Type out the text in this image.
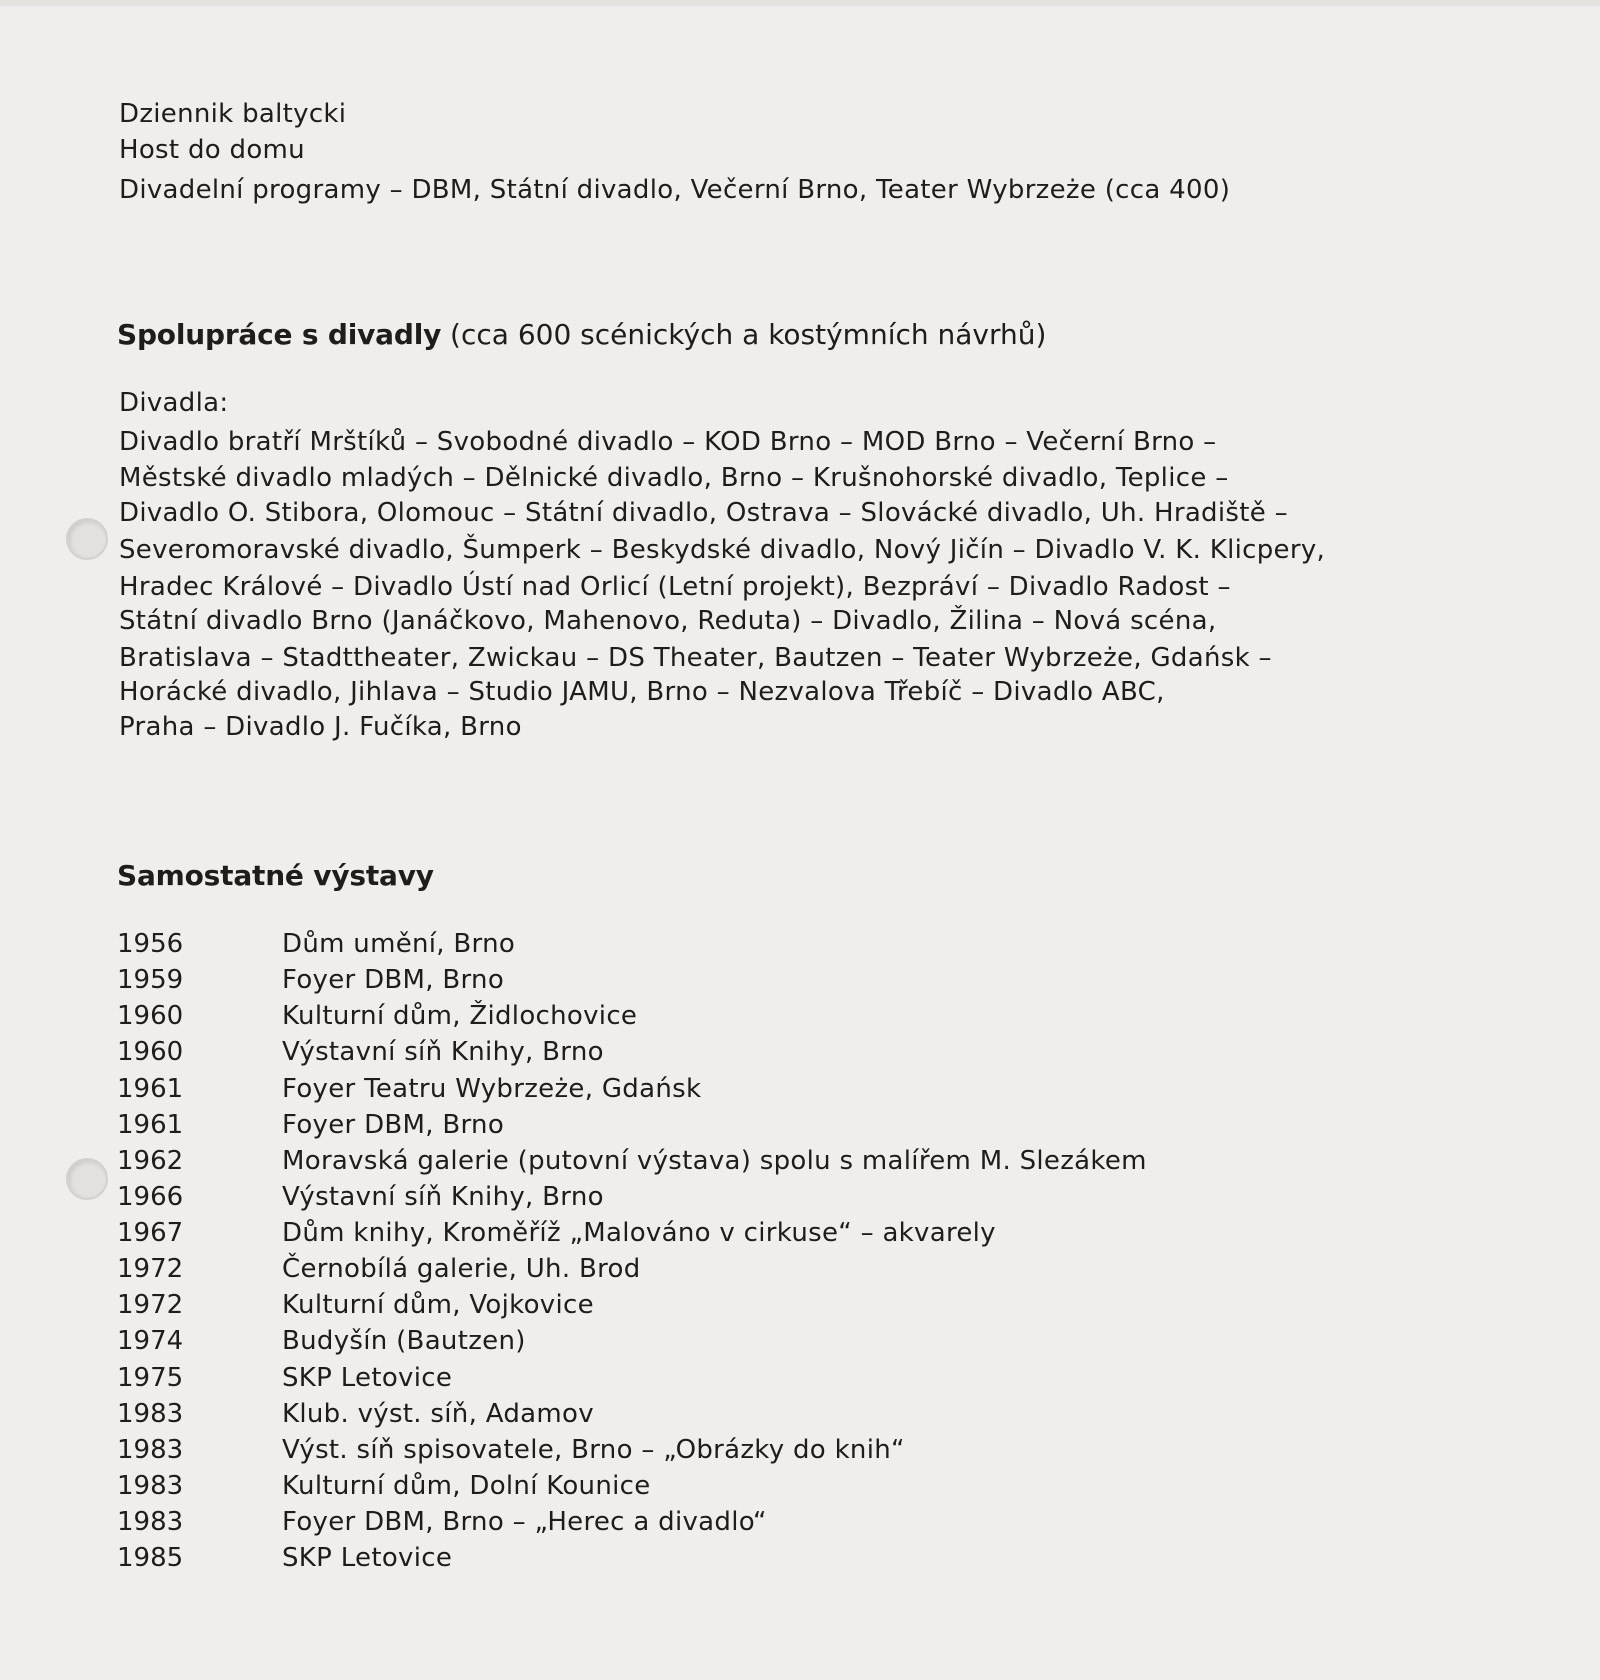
Dziennik baltycki
Host do domu
Divadelní programy – DBM, Státní divadlo, Večerní Brno, Teater Wybrzeże (cca 400)
Spolupráce s divadly (cca 600 scénických a kostýmních návrhů)
Divadla:
Divadlo bratří Mrštíků – Svobodné divadlo – KOD Brno – MOD Brno – Večerní Brno –
Městské divadlo mladých – Dělnické divadlo, Brno – Krušnohorské divadlo, Teplice –
Divadlo O. Stibora, Olomouc – Státní divadlo, Ostrava – Slovácké divadlo, Uh. Hradiště –
Severomoravské divadlo, Šumperk – Beskydské divadlo, Nový Jičín – Divadlo V. K. Klicpery,
Hradec Králové – Divadlo Ústí nad Orlicí (Letní projekt), Bezpráví – Divadlo Radost –
Státní divadlo Brno (Janáčkovo, Mahenovo, Reduta) – Divadlo, Žilina – Nová scéna,
Bratislava – Stadttheater, Zwickau – DS Theater, Bautzen – Teater Wybrzeże, Gdańsk –
Horácké divadlo, Jihlava – Studio JAMU, Brno – Nezvalova Třebíč – Divadlo ABC,
Praha – Divadlo J. Fučíka, Brno
Samostatné výstavy
1956	Dům umění, Brno
1959	Foyer DBM, Brno
1960	Kulturní dům, Židlochovice
1960	Výstavní síň Knihy, Brno
1961	Foyer Teatru Wybrzeże, Gdańsk
1961	Foyer DBM, Brno
1962	Moravská galerie (putovní výstava) spolu s malířem M. Slezákem
1966	Výstavní síň Knihy, Brno
1967	Dům knihy, Kroměříž „Malováno v cirkuse“ – akvarely
1972	Černobílá galerie, Uh. Brod
1972	Kulturní dům, Vojkovice
1974	Budyšín (Bautzen)
1975	SKP Letovice
1983	Klub. výst. síň, Adamov
1983	Výst. síň spisovatele, Brno – „Obrázky do knih“
1983	Kulturní dům, Dolní Kounice
1983	Foyer DBM, Brno – „Herec a divadlo“
1985	SKP Letovice
